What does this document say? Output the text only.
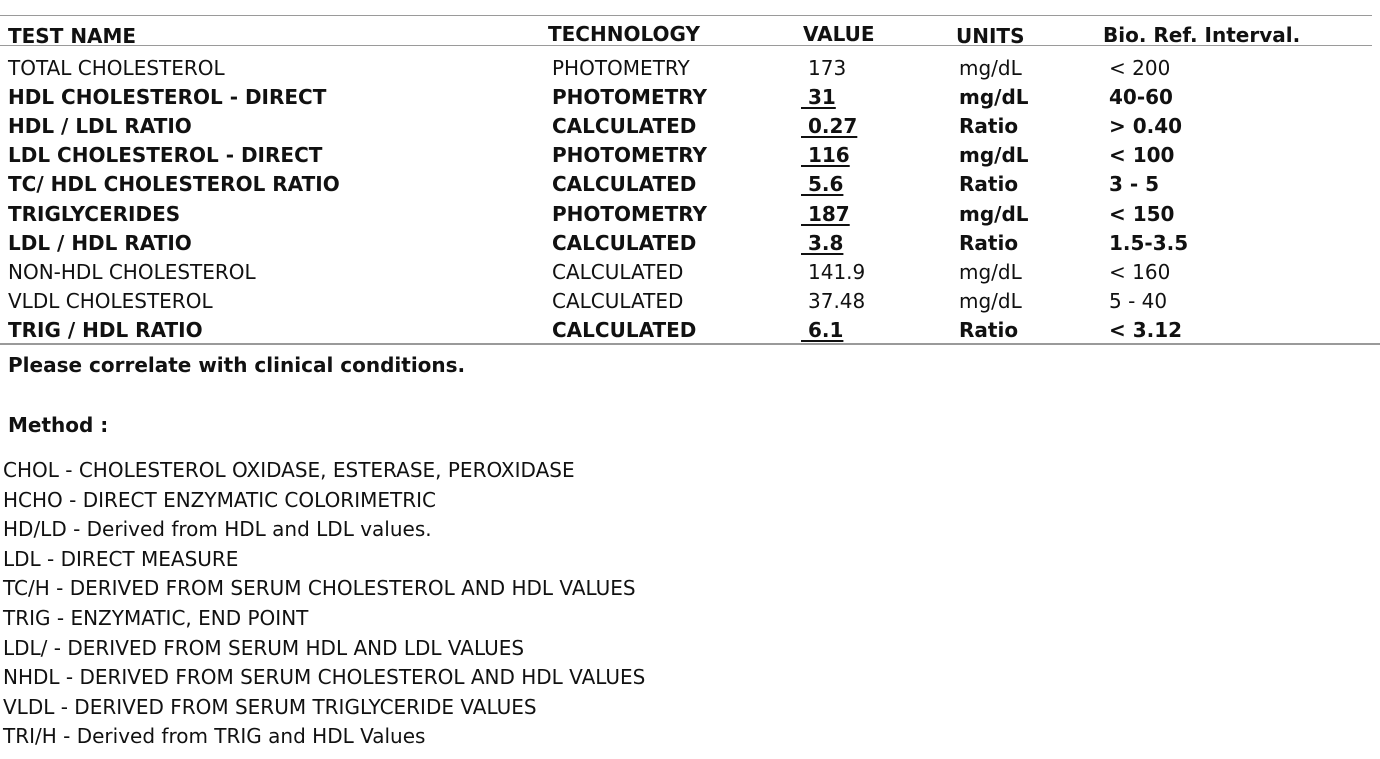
TEST NAME	TECHNOLOGY	VALUE	UNITS	Bio. Ref. Interval.
TOTAL CHOLESTEROL	PHOTOMETRY	173	mg/dL	< 200
HDL CHOLESTEROL - DIRECT	PHOTOMETRY	31	mg/dL	40-60
HDL / LDL RATIO	CALCULATED	0.27	Ratio	> 0.40
LDL CHOLESTEROL - DIRECT	PHOTOMETRY	116	mg/dL	< 100
TC/ HDL CHOLESTEROL RATIO	CALCULATED	5.6	Ratio	3 - 5
TRIGLYCERIDES	PHOTOMETRY	187	mg/dL	< 150
LDL / HDL RATIO	CALCULATED	3.8	Ratio	1.5-3.5
NON-HDL CHOLESTEROL	CALCULATED	141.9	mg/dL	< 160
VLDL CHOLESTEROL	CALCULATED	37.48	mg/dL	5 - 40
TRIG / HDL RATIO	CALCULATED	6.1	Ratio	< 3.12
Please correlate with clinical conditions.
Method :
CHOL - CHOLESTEROL OXIDASE, ESTERASE, PEROXIDASE
HCHO - DIRECT ENZYMATIC COLORIMETRIC
HD/LD - Derived from HDL and LDL values.
LDL - DIRECT MEASURE
TC/H - DERIVED FROM SERUM CHOLESTEROL AND HDL VALUES
TRIG - ENZYMATIC, END POINT
LDL/ - DERIVED FROM SERUM HDL AND LDL VALUES
NHDL - DERIVED FROM SERUM CHOLESTEROL AND HDL VALUES
VLDL - DERIVED FROM SERUM TRIGLYCERIDE VALUES
TRI/H - Derived from TRIG and HDL Values
